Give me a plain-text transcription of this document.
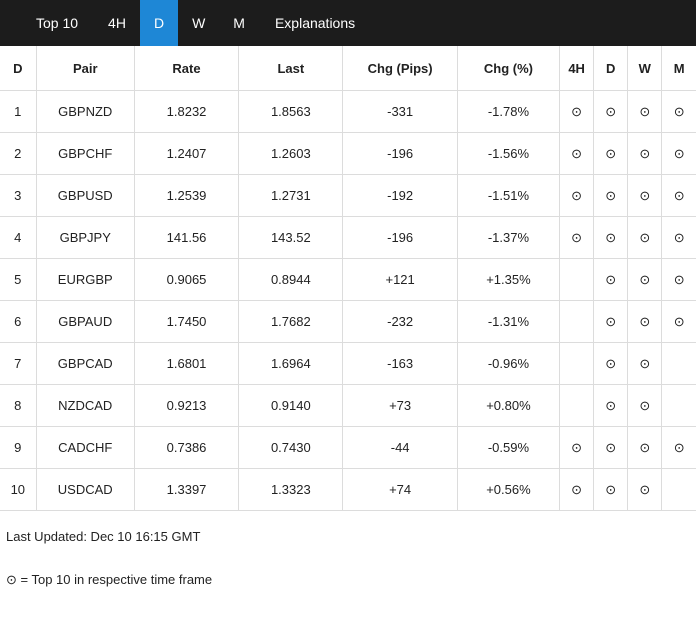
Top 10	4H	D	W	M	Explanations
D	Pair	Rate	Last	Chg (Pips)	Chg (%)	4H	D	W	M
1	GBPNZD	1.8232	1.8563	-331	-1.78%	⊙	⊙	⊙	⊙
2	GBPCHF	1.2407	1.2603	-196	-1.56%	⊙	⊙	⊙	⊙
3	GBPUSD	1.2539	1.2731	-192	-1.51%	⊙	⊙	⊙	⊙
4	GBPJPY	141.56	143.52	-196	-1.37%	⊙	⊙	⊙	⊙
5	EURGBP	0.9065	0.8944	+121	+1.35%		⊙	⊙	⊙
6	GBPAUD	1.7450	1.7682	-232	-1.31%		⊙	⊙	⊙
7	GBPCAD	1.6801	1.6964	-163	-0.96%		⊙	⊙	
8	NZDCAD	0.9213	0.9140	+73	+0.80%		⊙	⊙	
9	CADCHF	0.7386	0.7430	-44	-0.59%	⊙	⊙	⊙	⊙
10	USDCAD	1.3397	1.3323	+74	+0.56%	⊙	⊙	⊙	
Last Updated: Dec 10 16:15 GMT
⊙ = Top 10 in respective time frame
